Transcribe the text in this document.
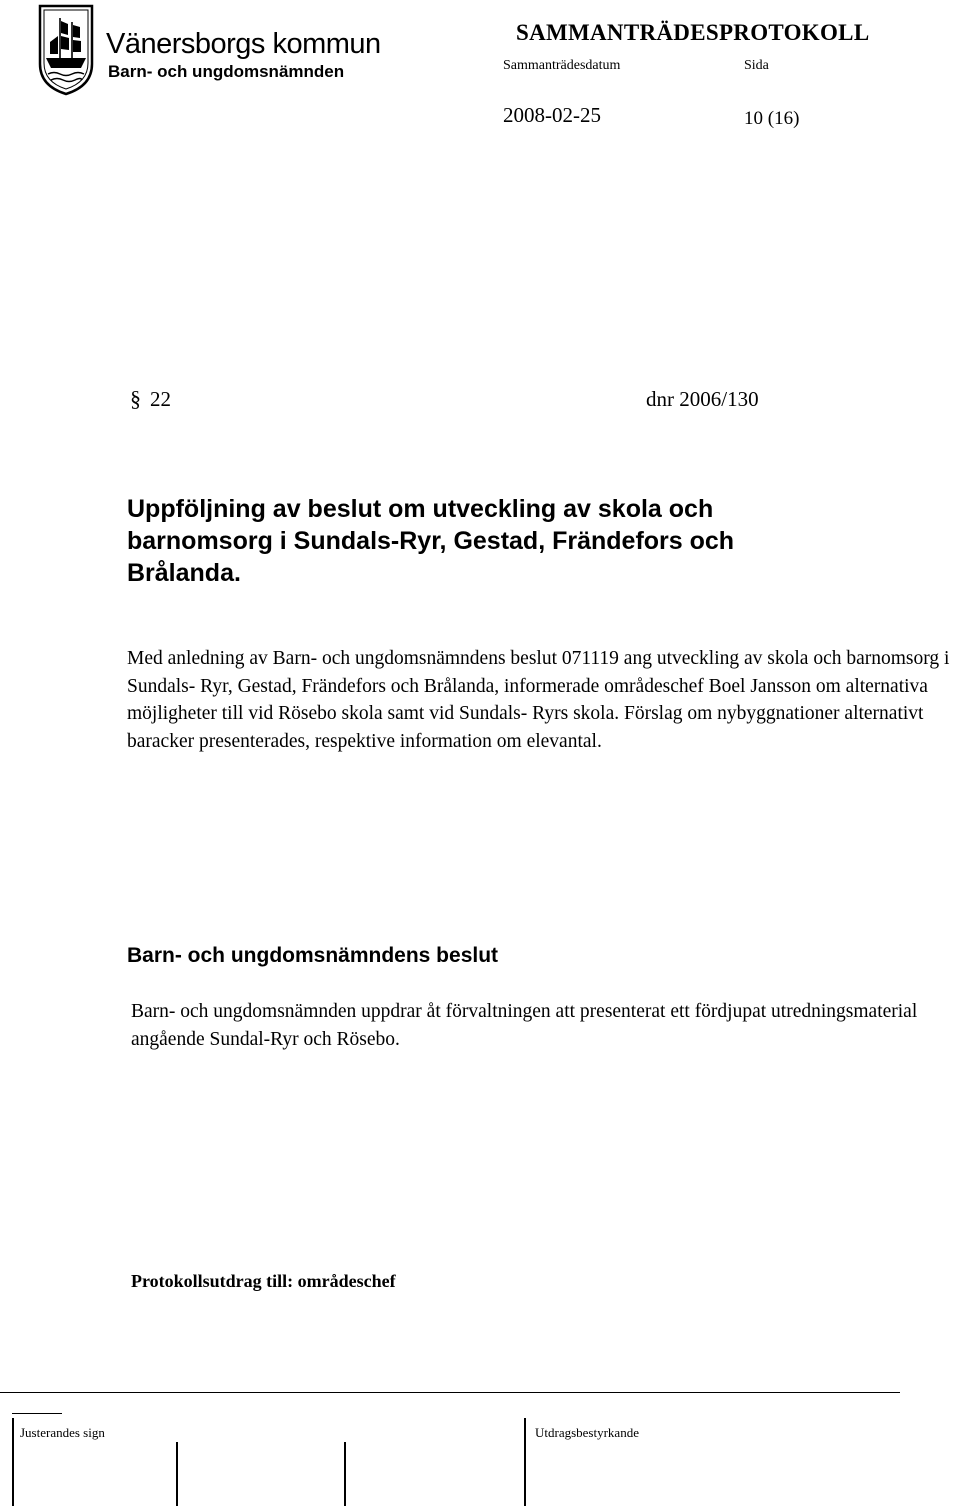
Vänersborgs kommun

Barn- och ungdomsnämnden

SAMMANTRÄDESPROTOKOLL

Sammanträdesdatum	Sida

2008-02-25	10 (16)

§ 22	dnr 2006/130

Uppföljning av beslut om utveckling av skola och barnomsorg i Sundals-Ryr, Gestad, Frändefors och Brålanda.

Med anledning av Barn- och ungdomsnämndens beslut 071119 ang utveckling av skola och barnomsorg i Sundals- Ryr, Gestad, Frändefors och Brålanda, informerade områdeschef Boel Jansson om alternativa möjligheter till vid Rösebo skola samt vid Sundals- Ryrs skola. Förslag om nybyggnationer alternativt baracker presenterades, respektive information om elevantal.

Barn- och ungdomsnämndens beslut

Barn- och ungdomsnämnden uppdrar åt förvaltningen att presenterat ett fördjupat utredningsmaterial angående Sundal-Ryr och Rösebo.

Protokollsutdrag till: områdeschef

Justerandes sign	Utdragsbestyrkande
